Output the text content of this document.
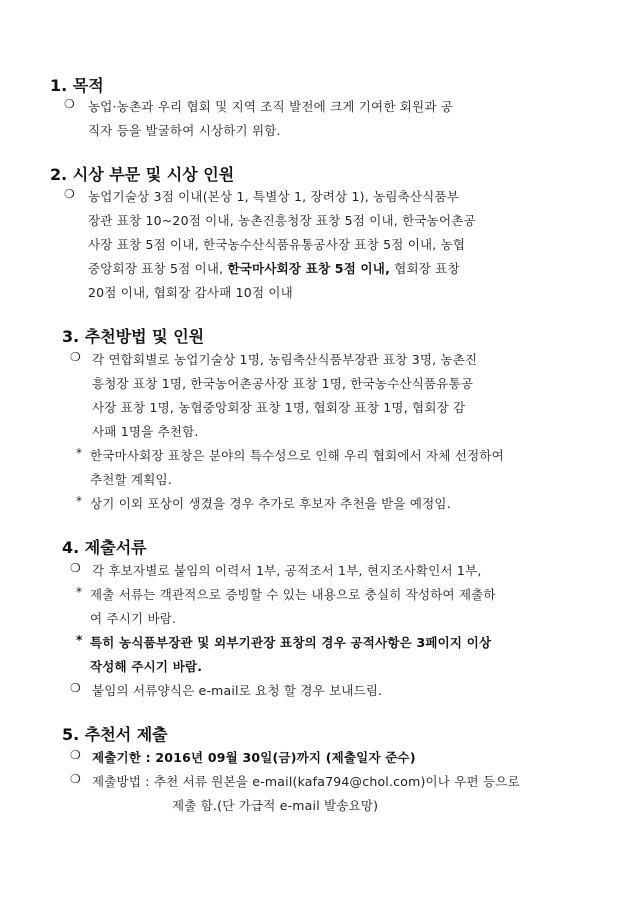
1. 목적
❍ 농업·농촌과 우리 협회 및 지역 조직 발전에 크게 기여한 회원과 공
직자 등을 발굴하여 시상하기 위함.
2. 시상 부문 및 시상 인원
❍ 농업기술상 3점 이내(본상 1, 특별상 1, 장려상 1), 농림축산식품부
장관 표창 10~20점 이내, 농촌진흥청장 표창 5점 이내, 한국농어촌공
사장 표창 5점 이내, 한국농수산식품유통공사장 표창 5점 이내, 농협
중앙회장 표창 5점 이내, 한국마사회장 표창 5점 이내, 협회장 표창
20점 이내, 협회장 감사패 10점 이내
3. 추천방법 및 인원
❍ 각 연합회별로 농업기술상 1명, 농림축산식품부장관 표창 3명, 농촌진
흥청장 표창 1명, 한국농어촌공사장 표창 1명, 한국농수산식품유통공
사장 표창 1명, 농협중앙회장 표창 1명, 협회장 표창 1명, 협회장 감
사패 1명을 추천함.
* 한국마사회장 표창은 분야의 특수성으로 인해 우리 협회에서 자체 선정하여
추천할 계획임.
* 상기 이외 포상이 생겼을 경우 추가로 후보자 추천을 받을 예정임.
4. 제출서류
❍ 각 후보자별로 붙임의 이력서 1부, 공적조서 1부, 현지조사확인서 1부,
* 제출 서류는 객관적으로 증빙할 수 있는 내용으로 충실히 작성하여 제출하
여 주시기 바람.
* 특히 농식품부장관 및 외부기관장 표창의 경우 공적사항은 3페이지 이상
작성해 주시기 바람.
❍ 붙임의 서류양식은 e-mail로 요청 할 경우 보내드림.
5. 추천서 제출
❍ 제출기한 : 2016년 09월 30일(금)까지 (제출일자 준수)
❍ 제출방법 : 추천 서류 원본을 e-mail(kafa794@chol.com)이나 우편 등으로
제출 함.(단 가급적 e-mail 발송요망)
